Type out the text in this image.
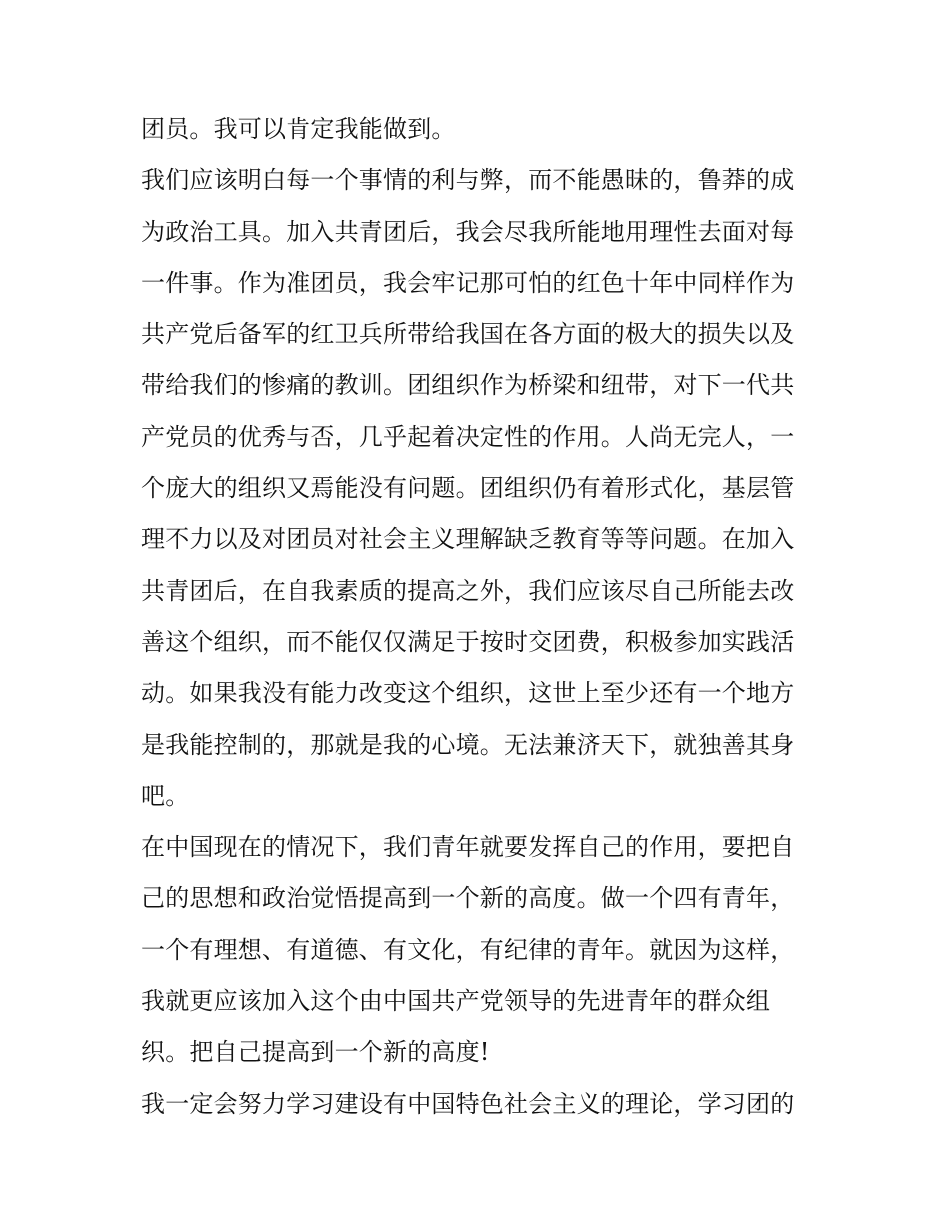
团员。我可以肯定我能做到。
我们应该明白每一个事情的利与弊，而不能愚昧的，鲁莽的成
为政治工具。加入共青团后，我会尽我所能地用理性去面对每
一件事。作为准团员，我会牢记那可怕的红色十年中同样作为
共产党后备军的红卫兵所带给我国在各方面的极大的损失以及
带给我们的惨痛的教训。团组织作为桥梁和纽带，对下一代共
产党员的优秀与否，几乎起着决定性的作用。人尚无完人，一
个庞大的组织又焉能没有问题。团组织仍有着形式化，基层管
理不力以及对团员对社会主义理解缺乏教育等等问题。在加入
共青团后，在自我素质的提高之外，我们应该尽自己所能去改
善这个组织，而不能仅仅满足于按时交团费，积极参加实践活
动。如果我没有能力改变这个组织，这世上至少还有一个地方
是我能控制的，那就是我的心境。无法兼济天下，就独善其身
吧。
在中国现在的情况下，我们青年就要发挥自己的作用，要把自
己的思想和政治觉悟提高到一个新的高度。做一个四有青年，
一个有理想、有道德、有文化，有纪律的青年。就因为这样，
我就更应该加入这个由中国共产党领导的先进青年的群众组
织。把自己提高到一个新的高度!
我一定会努力学习建设有中国特色社会主义的理论，学习团的
